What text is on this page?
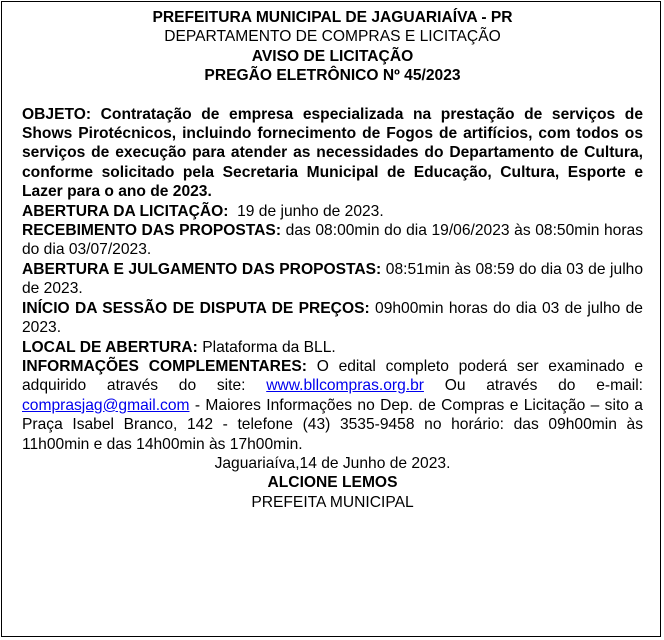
PREFEITURA MUNICIPAL DE JAGUARIAÍVA - PR

DEPARTAMENTO DE COMPRAS E LICITAÇÃO

AVISO DE LICITAÇÃO

PREGÃO ELETRÔNICO Nº 45/2023

OBJETO: Contratação de empresa especializada na prestação de serviços de Shows Pirotécnicos, incluindo fornecimento de Fogos de artifícios, com todos os serviços de execução para atender as necessidades do Departamento de Cultura, conforme solicitado pela Secretaria Municipal de Educação, Cultura, Esporte e Lazer para o ano de 2023.

ABERTURA DA LICITAÇÃO: 19 de junho de 2023.

RECEBIMENTO DAS PROPOSTAS: das 08:00min do dia 19/06/2023 às 08:50min horas do dia 03/07/2023.

ABERTURA E JULGAMENTO DAS PROPOSTAS: 08:51min às 08:59 do dia 03 de julho de 2023.

INÍCIO DA SESSÃO DE DISPUTA DE PREÇOS: 09h00min horas do dia 03 de julho de 2023.

LOCAL DE ABERTURA: Plataforma da BLL.

INFORMAÇÕES COMPLEMENTARES: O edital completo poderá ser examinado e adquirido através do site: www.bllcompras.org.br Ou através do e-mail: comprasjag@gmail.com - Maiores Informações no Dep. de Compras e Licitação – sito a Praça Isabel Branco, 142 - telefone (43) 3535-9458 no horário: das 09h00min às 11h00min e das 14h00min às 17h00min.

Jaguariaíva,14 de Junho de 2023.

ALCIONE LEMOS

PREFEITA MUNICIPAL
